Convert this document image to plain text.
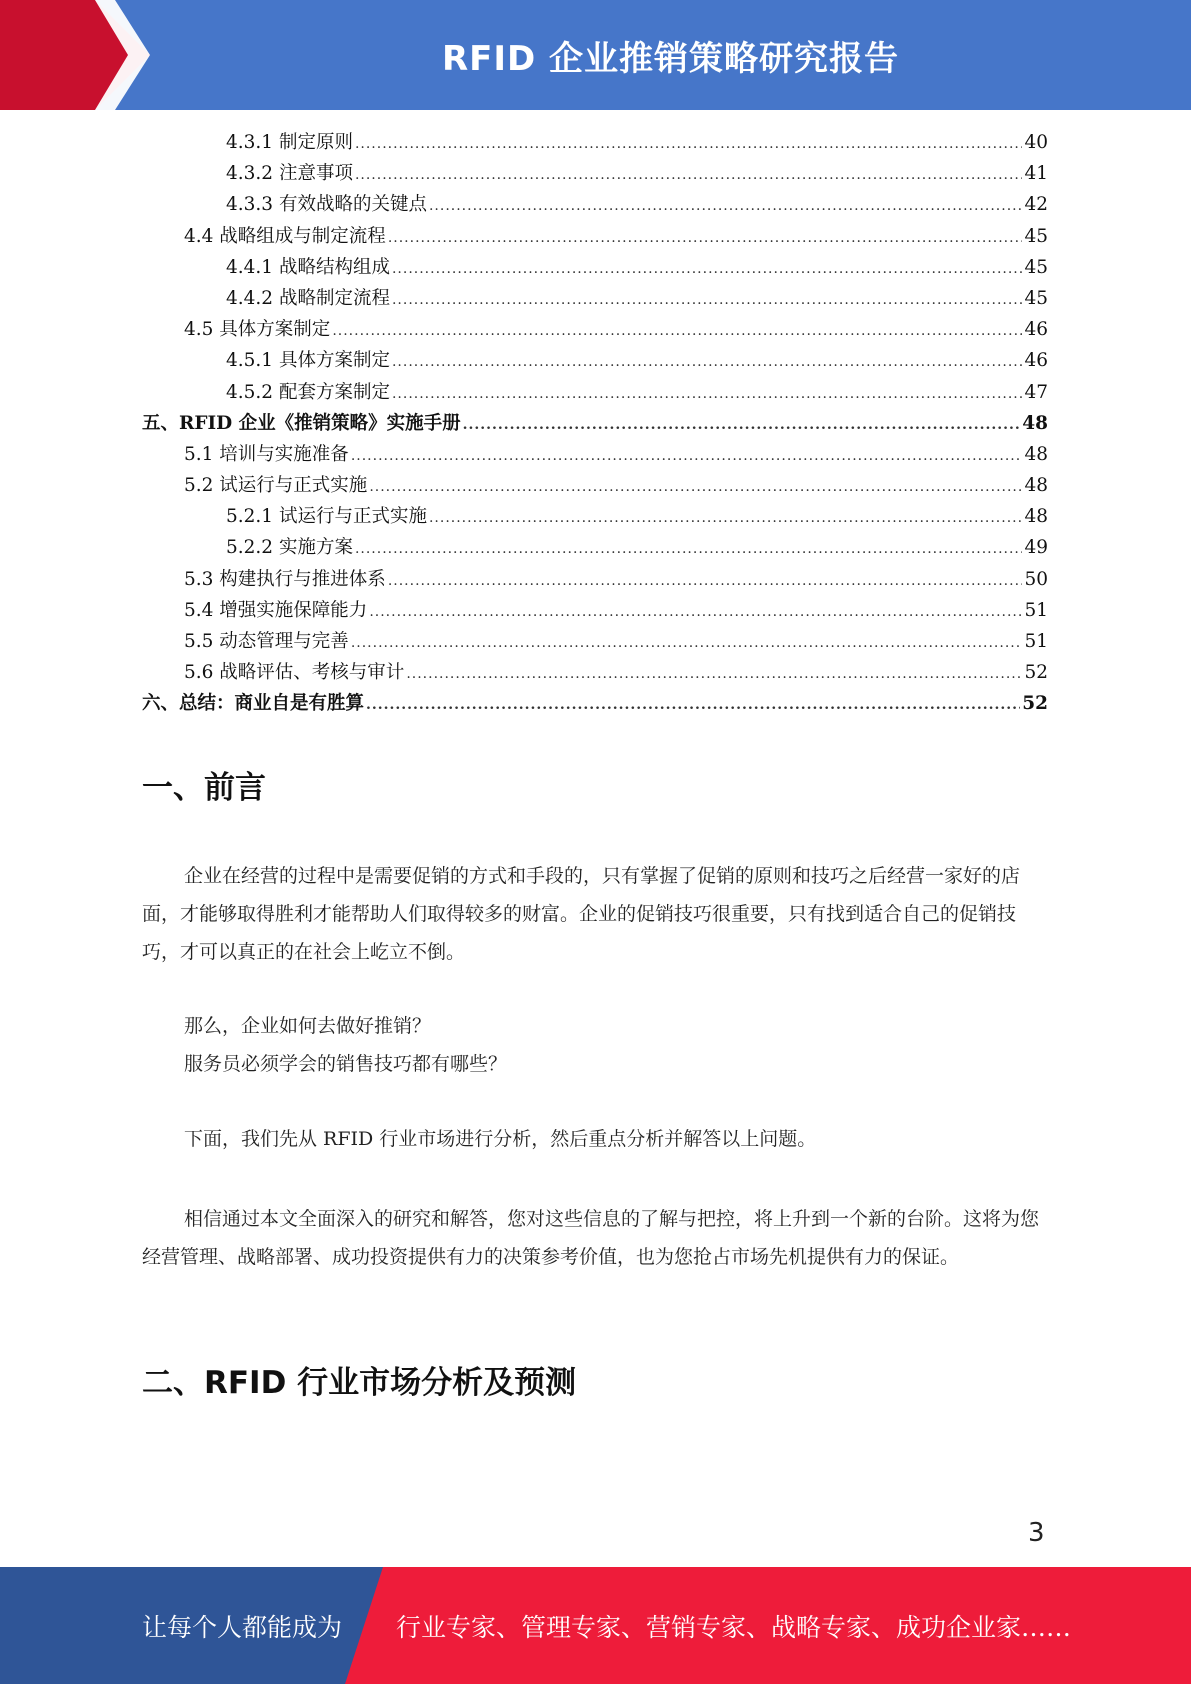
RFID 企业推销策略研究报告
4.3.1 制定原则 .....	40
4.3.2 注意事项 .....	41
4.3.3 有效战略的关键点 .....	42
4.4 战略组成与制定流程 .....	45
4.4.1 战略结构组成 .....	45
4.4.2 战略制定流程 .....	45
4.5 具体方案制定 .....	46
4.5.1 具体方案制定 .....	46
4.5.2 配套方案制定 .....	47
五、RFID 企业《推销策略》实施手册 .....	48
5.1 培训与实施准备 .....	48
5.2 试运行与正式实施 .....	48
5.2.1 试运行与正式实施 .....	48
5.2.2 实施方案 .....	49
5.3 构建执行与推进体系 .....	50
5.4 增强实施保障能力 .....	51
5.5 动态管理与完善 .....	51
5.6 战略评估、考核与审计 .....	52
六、总结：商业自是有胜算 .....	52
一、前言

企业在经营的过程中是需要促销的方式和手段的，只有掌握了促销的原则和技巧之后经营一家好的店面，才能够取得胜利才能帮助人们取得较多的财富。企业的促销技巧很重要，只有找到适合自己的促销技巧，才可以真正的在社会上屹立不倒。

那么，企业如何去做好推销？

服务员必须学会的销售技巧都有哪些？

下面，我们先从 RFID 行业市场进行分析，然后重点分析并解答以上问题。

相信通过本文全面深入的研究和解答，您对这些信息的了解与把控，将上升到一个新的台阶。这将为您经营管理、战略部署、成功投资提供有力的决策参考价值，也为您抢占市场先机提供有力的保证。

二、RFID 行业市场分析及预测
3
让每个人都能成为 行业专家、管理专家、营销专家、战略专家、成功企业家……
